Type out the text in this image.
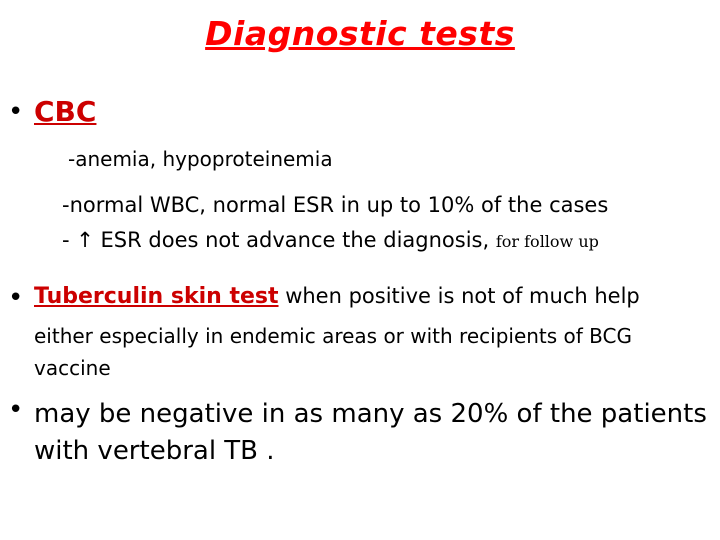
Diagnostic tests
• CBC
-anemia, hypoproteinemia
-normal WBC, normal ESR in up to 10% of the cases
- ↑ ESR does not advance the diagnosis, for follow up
• Tuberculin skin test when positive is not of much help
either especially in endemic areas or with recipients of BCG vaccine
• may be negative in as many as 20% of the patients with vertebral TB .
